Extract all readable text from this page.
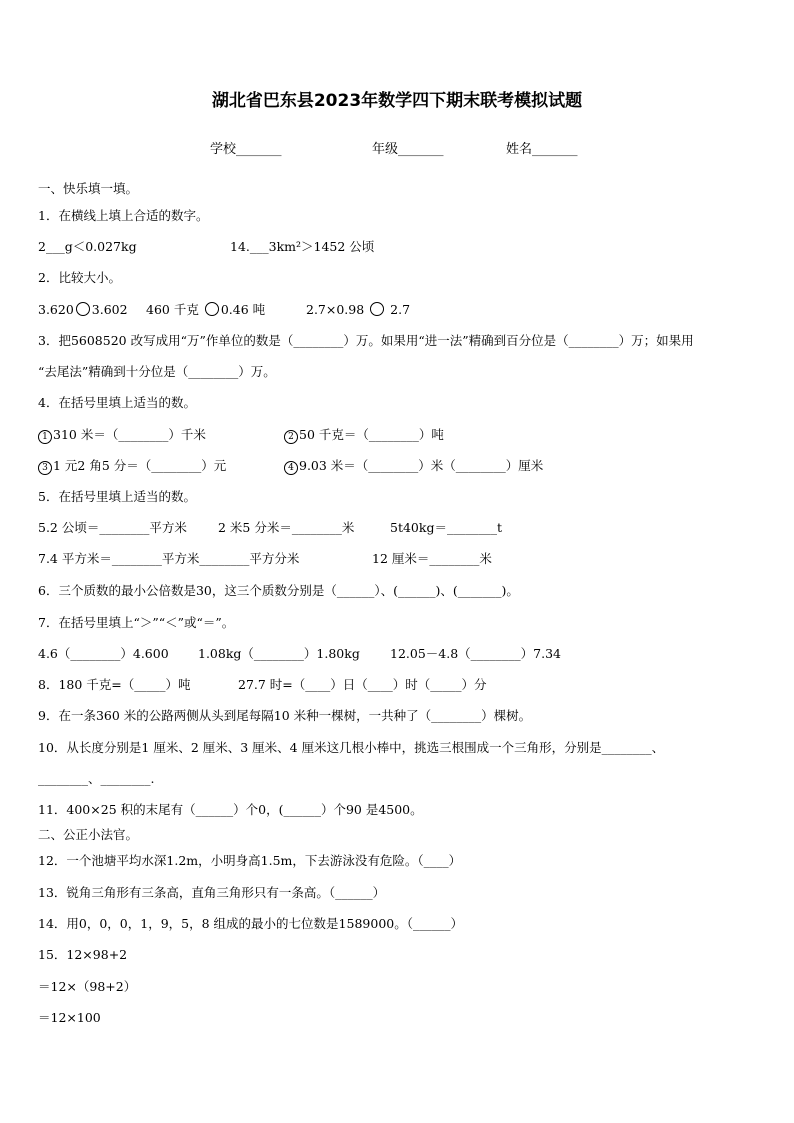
湖北省巴东县2023年数学四下期末联考模拟试题
学校_______	年级_______	姓名_______
一、快乐填一填。
1．在横线上填上合适的数字。
2___g＜0.027kg	14.___3km²＞1452 公顷
2．比较大小。
3.620 3.602 460 千克 0.46 吨	2.7×0.98 2.7
3．把5608520 改写成用“万”作单位的数是（________）万。如果用“进一法”精确到百分位是（________）万；如果用
“去尾法”精确到十分位是（________）万。
4．在括号里填上适当的数。
1 310 米＝（________）千米	2 50 千克＝（________）吨
3 1 元2 角5 分＝（________）元	4 9.03 米＝（________）米（________）厘米
5．在括号里填上适当的数。
5.2 公顷＝________平方米 2 米5 分米＝________米	5t40kg＝________t
7.4 平方米＝________平方米________平方分米	12 厘米＝________米
6．三个质数的最小公倍数是30，这三个质数分别是（______）、(______)、(_______)。
7．在括号里填上“＞”“＜”或“＝”。
4.6（________）4.600 1.08kg（________）1.80kg 12.05－4.8（________）7.34
8．180 千克=（_____）吨	27.7 时=（____）日（____）时（_____）分
9．在一条360 米的公路两侧从头到尾每隔10 米种一棵树，一共种了（________）棵树。
10．从长度分别是1 厘米、2 厘米、3 厘米、4 厘米这几根小棒中，挑选三根围成一个三角形，分别是________、
________、________.
11．400×25 积的末尾有（______）个0，(______）个90 是4500。
二、公正小法官。
12．一个池塘平均水深1.2m，小明身高1.5m，下去游泳没有危险。（____）
13．锐角三角形有三条高，直角三角形只有一条高。（______）
14．用0，0，0，1，9，5，8 组成的最小的七位数是1589000。（______）
15．12×98+2
＝12×（98+2）
＝12×100
